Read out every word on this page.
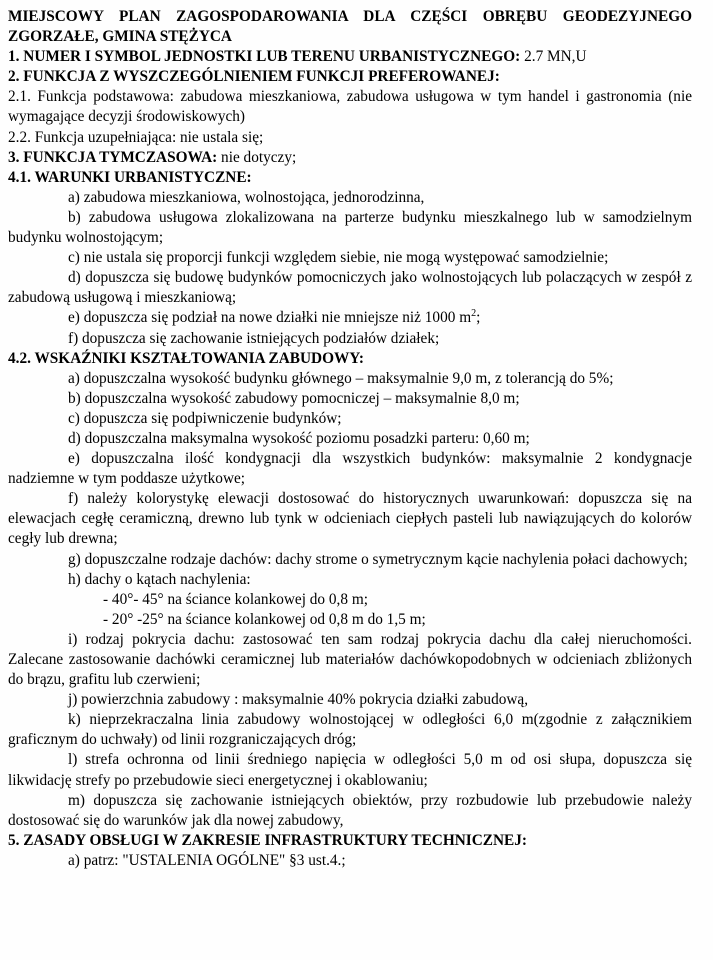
MIEJSCOWY PLAN ZAGOSPODAROWANIA DLA CZĘŚCI OBRĘBU GEODEZYJNEGO ZGORZAŁE, GMINA STĘŻYCA

1. NUMER I SYMBOL JEDNOSTKI LUB TERENU URBANISTYCZNEGO: 2.7 MN,U

2. FUNKCJA Z WYSZCZEGÓLNIENIEM FUNKCJI PREFEROWANEJ:

2.1. Funkcja podstawowa: zabudowa mieszkaniowa, zabudowa usługowa w tym handel i gastronomia (nie wymagające decyzji środowiskowych)

2.2. Funkcja uzupełniająca: nie ustala się;

3. FUNKCJA TYMCZASOWA: nie dotyczy;

4.1. WARUNKI URBANISTYCZNE:

a) zabudowa mieszkaniowa, wolnostojąca, jednorodzinna,

b) zabudowa usługowa zlokalizowana na parterze budynku mieszkalnego lub w samodzielnym budynku wolnostojącym;

c) nie ustala się proporcji funkcji względem siebie, nie mogą występować samodzielnie;

d) dopuszcza się budowę budynków pomocniczych jako wolnostojących lub polaczących w zespół z zabudową usługową i mieszkaniową;

e) dopuszcza się podział na nowe działki nie mniejsze niż 1000 $m^2$;

f) dopuszcza się zachowanie istniejących podziałów działek;

4.2. WSKAŹNIKI KSZTAŁTOWANIA ZABUDOWY:

a) dopuszczalna wysokość budynku głównego – maksymalnie 9,0 m, z tolerancją do 5%;

b) dopuszczalna wysokość zabudowy pomocniczej – maksymalnie 8,0 m;

c) dopuszcza się podpiwniczenie budynków;

d) dopuszczalna maksymalna wysokość poziomu posadzki parteru: 0,60 m;

e) dopuszczalna ilość kondygnacji dla wszystkich budynków: maksymalnie 2 kondygnacje nadziemne w tym poddasze użytkowe;

f) należy kolorystykę elewacji dostosować do historycznych uwarunkowań: dopuszcza się na elewacjach cegłę ceramiczną, drewno lub tynk w odcieniach ciepłych pasteli lub nawiązujących do kolorów cegły lub drewna;

g) dopuszczalne rodzaje dachów: dachy strome o symetrycznym kącie nachylenia połaci dachowych;

h) dachy o kątach nachylenia:

- 40°- 45° na ściance kolankowej do 0,8 m;

- 20° -25° na ściance kolankowej od 0,8 m do 1,5 m;

i) rodzaj pokrycia dachu: zastosować ten sam rodzaj pokrycia dachu dla całej nieruchomości. Zalecane zastosowanie dachówki ceramicznej lub materiałów dachówkopodobnych w odcieniach zbliżonych do brązu, grafitu lub czerwieni;

j) powierzchnia zabudowy : maksymalnie 40% pokrycia działki zabudową,

k) nieprzekraczalna linia zabudowy wolnostojącej w odległości 6,0 m(zgodnie z załącznikiem graficznym do uchwały) od linii rozgraniczających dróg;

l) strefa ochronna od linii średniego napięcia w odległości 5,0 m od osi słupa, dopuszcza się likwidację strefy po przebudowie sieci energetycznej i okablowaniu;

m) dopuszcza się zachowanie istniejących obiektów, przy rozbudowie lub przebudowie należy dostosować się do warunków jak dla nowej zabudowy,

5. ZASADY OBSŁUGI W ZAKRESIE INFRASTRUKTURY TECHNICZNEJ:

a) patrz: "USTALENIA OGÓLNE" §3 ust.4.;
